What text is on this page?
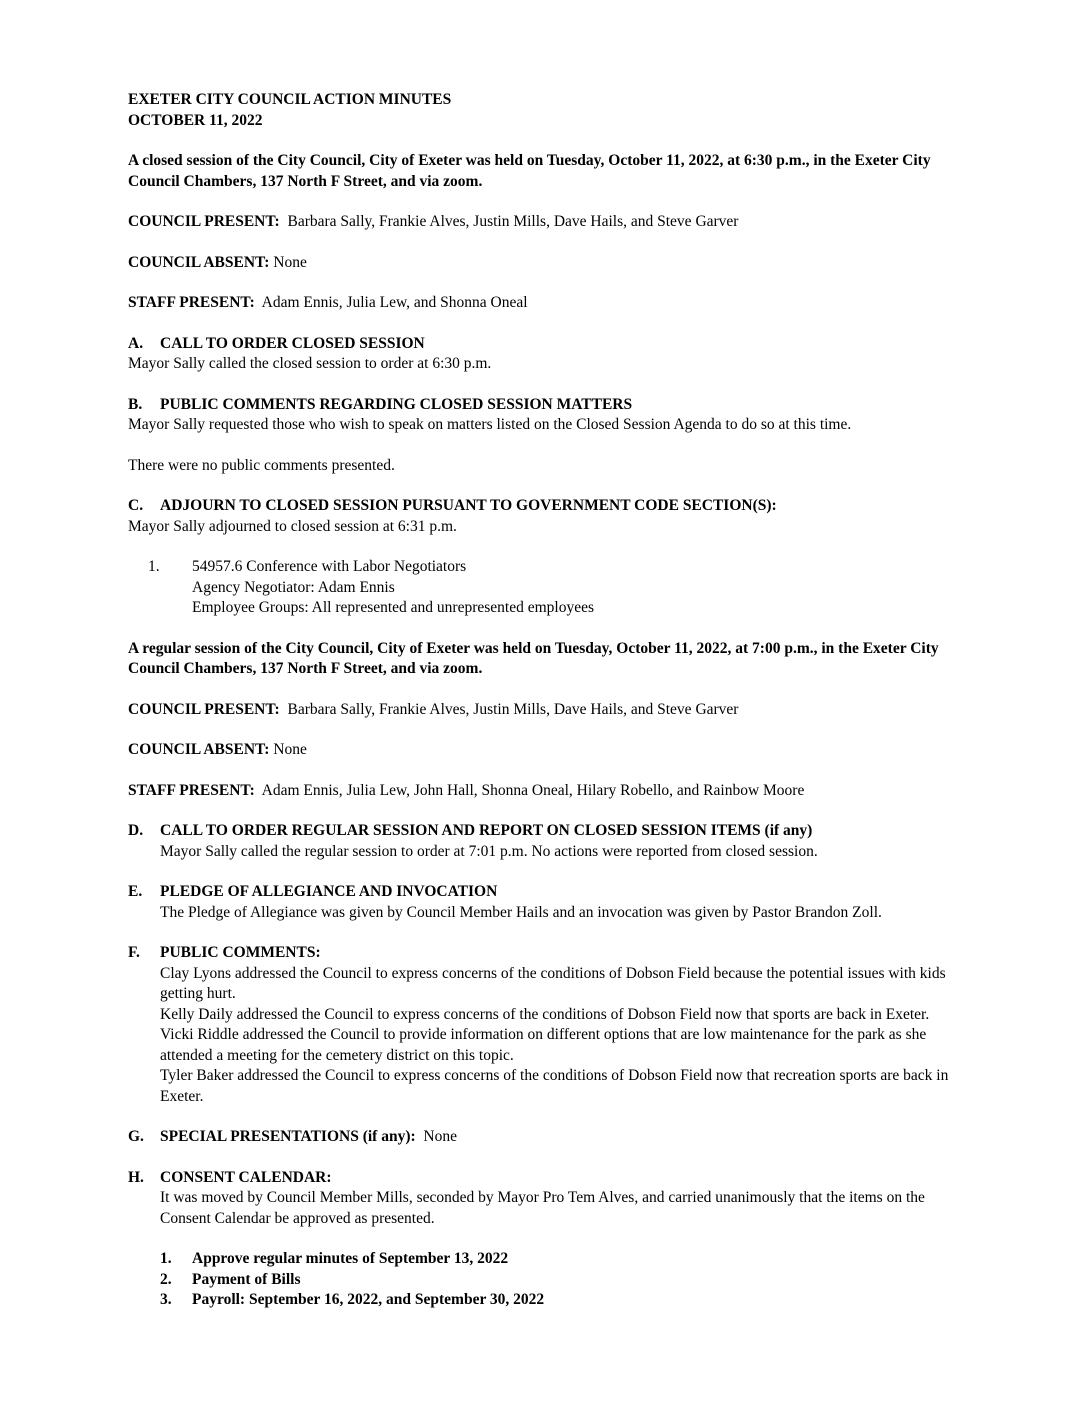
EXETER CITY COUNCIL ACTION MINUTES

OCTOBER 11, 2022

A closed session of the City Council, City of Exeter was held on Tuesday, October 11, 2022, at 6:30 p.m., in the Exeter City Council Chambers, 137 North F Street, and via zoom.

COUNCIL PRESENT: Barbara Sally, Frankie Alves, Justin Mills, Dave Hails, and Steve Garver

COUNCIL ABSENT: None

STAFF PRESENT: Adam Ennis, Julia Lew, and Shonna Oneal

A.	CALL TO ORDER CLOSED SESSION

Mayor Sally called the closed session to order at 6:30 p.m.

B.	PUBLIC COMMENTS REGARDING CLOSED SESSION MATTERS

Mayor Sally requested those who wish to speak on matters listed on the Closed Session Agenda to do so at this time.

There were no public comments presented.

C.	ADJOURN TO CLOSED SESSION PURSUANT TO GOVERNMENT CODE SECTION(S):

Mayor Sally adjourned to closed session at 6:31 p.m.

1.	54957.6 Conference with Labor Negotiators

Agency Negotiator: Adam Ennis

Employee Groups: All represented and unrepresented employees

A regular session of the City Council, City of Exeter was held on Tuesday, October 11, 2022, at 7:00 p.m., in the Exeter City Council Chambers, 137 North F Street, and via zoom.

COUNCIL PRESENT: Barbara Sally, Frankie Alves, Justin Mills, Dave Hails, and Steve Garver

COUNCIL ABSENT: None

STAFF PRESENT: Adam Ennis, Julia Lew, John Hall, Shonna Oneal, Hilary Robello, and Rainbow Moore

D.	CALL TO ORDER REGULAR SESSION AND REPORT ON CLOSED SESSION ITEMS (if any)

Mayor Sally called the regular session to order at 7:01 p.m. No actions were reported from closed session.

E.	PLEDGE OF ALLEGIANCE AND INVOCATION

The Pledge of Allegiance was given by Council Member Hails and an invocation was given by Pastor Brandon Zoll.

F.	PUBLIC COMMENTS:

Clay Lyons addressed the Council to express concerns of the conditions of Dobson Field because the potential issues with kids getting hurt.

Kelly Daily addressed the Council to express concerns of the conditions of Dobson Field now that sports are back in Exeter.

Vicki Riddle addressed the Council to provide information on different options that are low maintenance for the park as she attended a meeting for the cemetery district on this topic.

Tyler Baker addressed the Council to express concerns of the conditions of Dobson Field now that recreation sports are back in Exeter.

G.	SPECIAL PRESENTATIONS (if any): None
H.	CONSENT CALENDAR:

It was moved by Council Member Mills, seconded by Mayor Pro Tem Alves, and carried unanimously that the items on the Consent Calendar be approved as presented.

1.	Approve regular minutes of September 13, 2022
2.	Payment of Bills
3.	Payroll: September 16, 2022, and September 30, 2022
